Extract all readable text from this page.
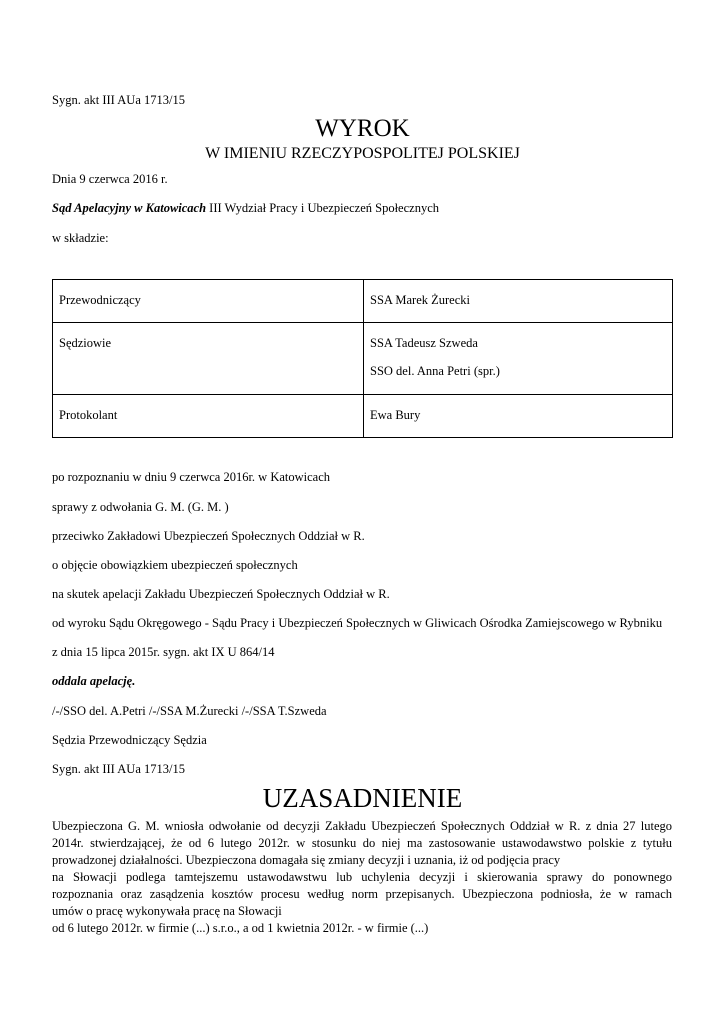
Sygn. akt III AUa 1713/15
WYROK
W IMIENIU RZECZYPOSPOLITEJ POLSKIEJ
Dnia 9 czerwca 2016 r.
Sąd Apelacyjny w Katowicach III Wydział Pracy i Ubezpieczeń Społecznych
w składzie:
Przewodniczący	SSA Marek Żurecki
Sędziowie	SSA Tadeusz Szweda
SSO del. Anna Petri (spr.)

Protokolant	Ewa Bury
po rozpoznaniu w dniu 9 czerwca 2016r. w Katowicach
sprawy z odwołania G. M. (G. M. )
przeciwko Zakładowi Ubezpieczeń Społecznych Oddział w R.
o objęcie obowiązkiem ubezpieczeń społecznych
na skutek apelacji Zakładu Ubezpieczeń Społecznych Oddział w R.
od wyroku Sądu Okręgowego - Sądu Pracy i Ubezpieczeń Społecznych w Gliwicach Ośrodka Zamiejscowego w Rybniku
z dnia 15 lipca 2015r. sygn. akt IX U 864/14
oddala apelację.
/-/SSO del. A.Petri /-/SSA M.Żurecki /-/SSA T.Szweda
Sędzia Przewodniczący Sędzia
Sygn. akt III AUa 1713/15
UZASADNIENIE
Ubezpieczona G. M. wniosła odwołanie od decyzji Zakładu Ubezpieczeń Społecznych Oddział w R. z dnia 27 lutego
2014r. stwierdzającej, że od 6 lutego 2012r. w stosunku do niej ma zastosowanie ustawodawstwo polskie z tytułu
prowadzonej działalności. Ubezpieczona domagała się zmiany decyzji i uznania, iż od podjęcia pracy
na Słowacji podlega tamtejszemu ustawodawstwu lub uchylenia decyzji i skierowania sprawy do ponownego
rozpoznania oraz zasądzenia kosztów procesu według norm przepisanych. Ubezpieczona podniosła, że w ramach
umów o pracę wykonywała pracę na Słowacji
od 6 lutego 2012r. w firmie (...) s.r.o., a od 1 kwietnia 2012r. - w firmie (...)
